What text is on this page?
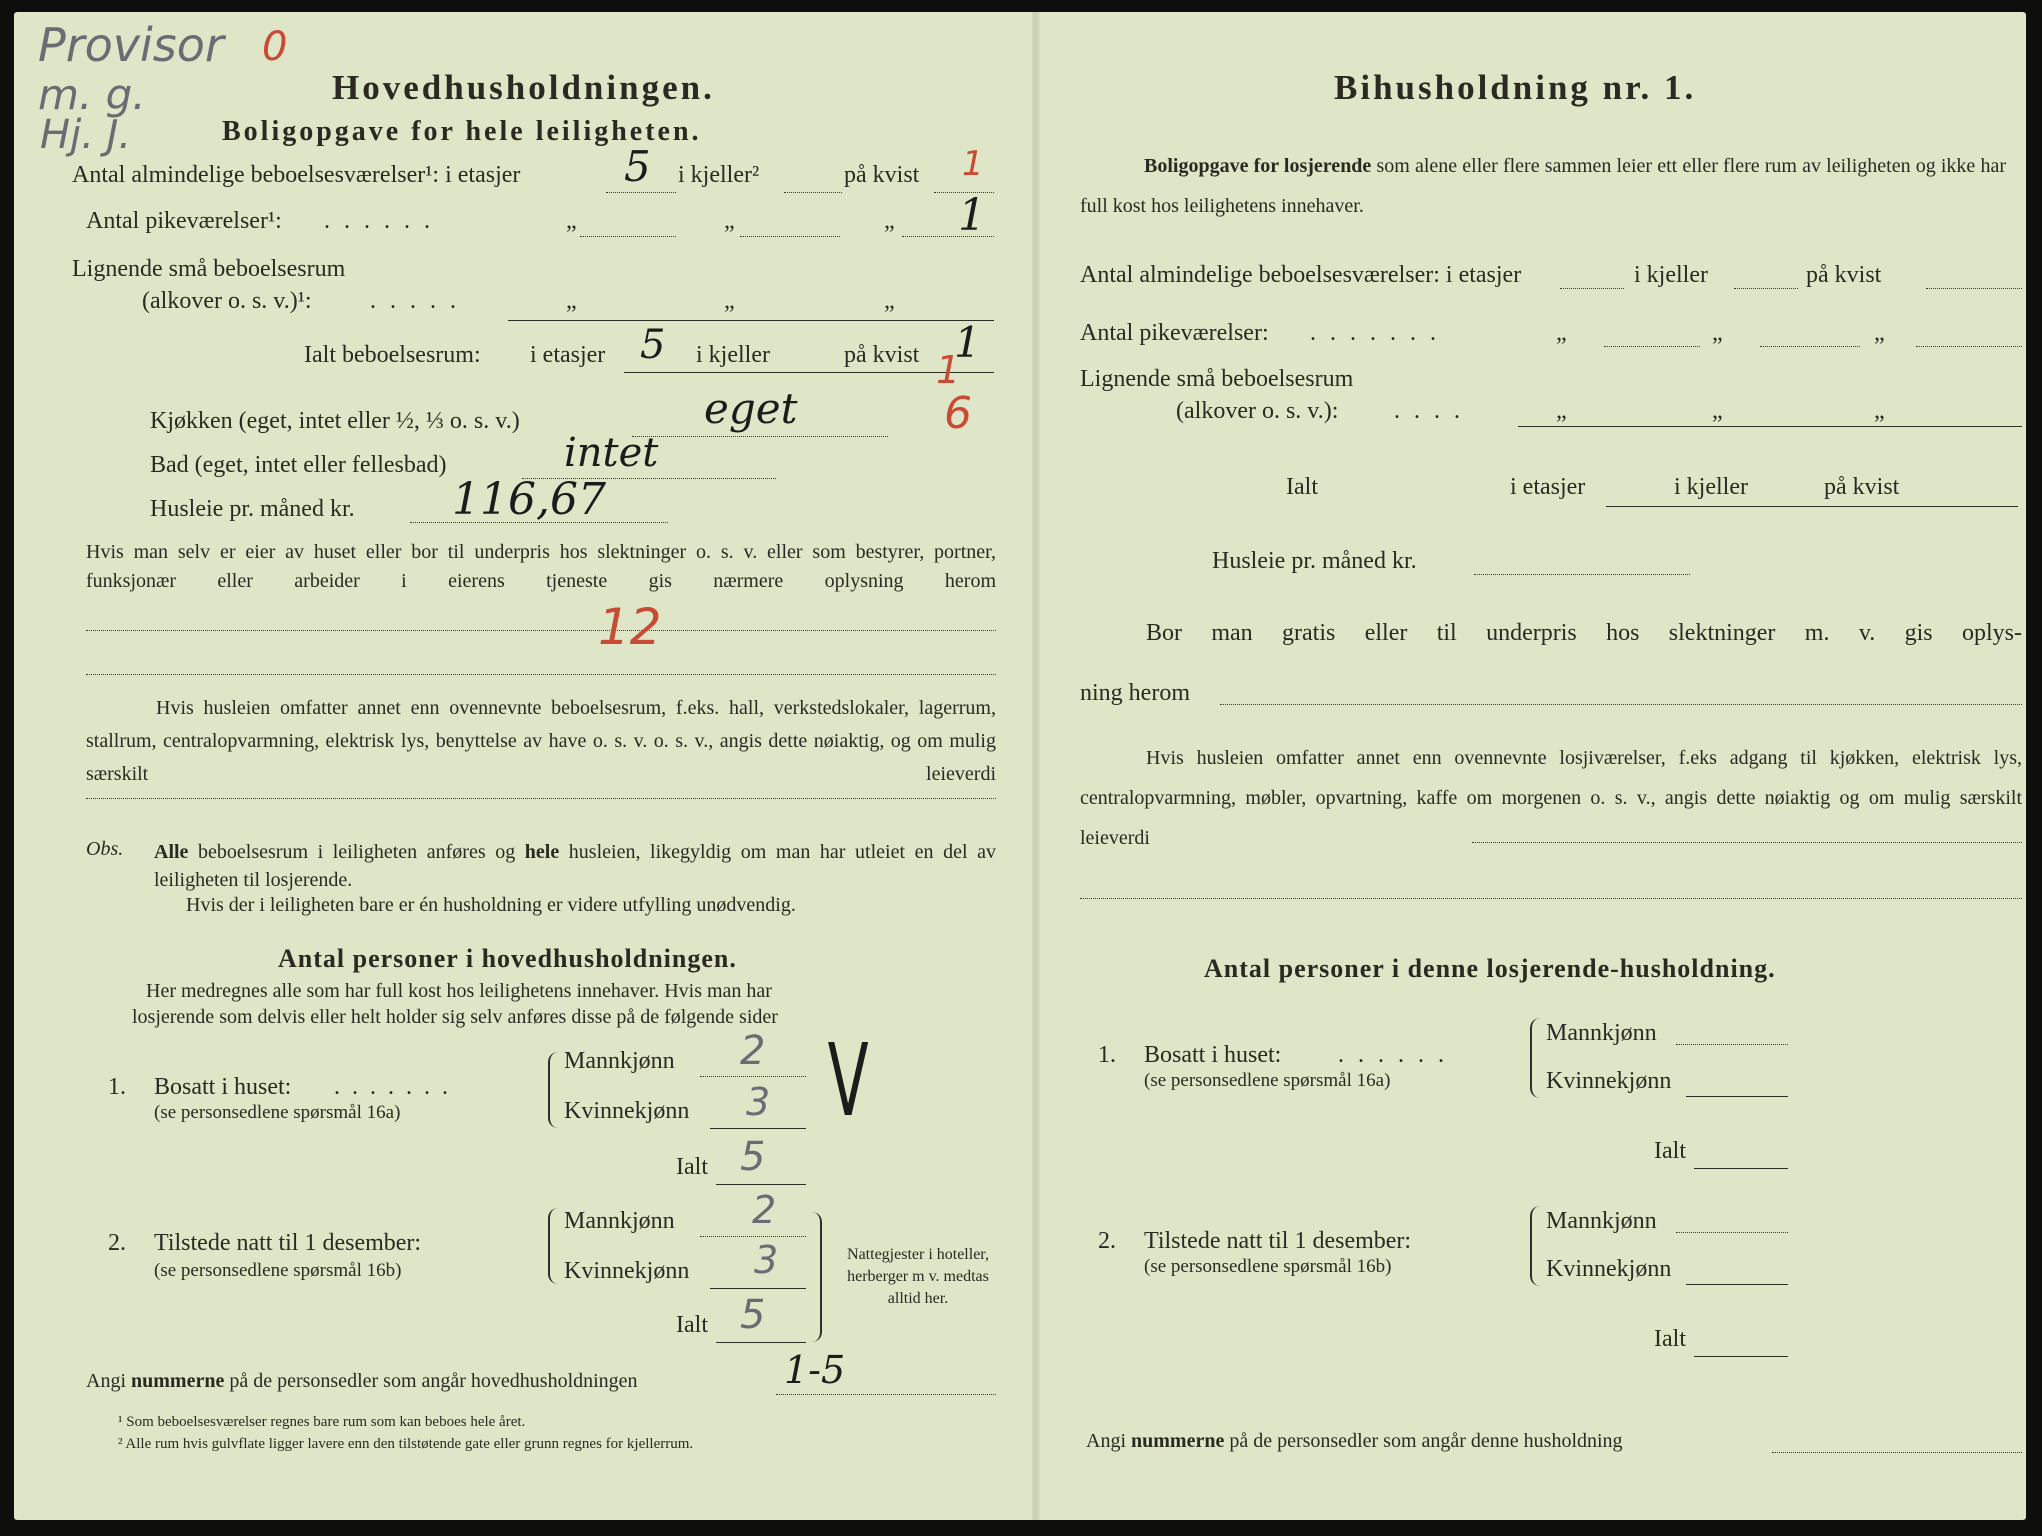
Provisor
m. g.
Hj. J.
0
Hovedhusholdningen.
Boligopgave for hele leiligheten.
Antal almindelige beboelsesværelser¹: i etasjer 5 i kjeller²	på kvist 1
Antal pikeværelser¹: ......	„	„	„ 1
Lignende små beboelsesrum
(alkover o. s. v.)¹: .....	„	„	„
Ialt beboelsesrum: i etasjer 5 i kjeller	på kvist 1
1
6
Kjøkken (eget, intet eller ½, ⅓ o. s. v.)	eget
Bad (eget, intet eller fellesbad)	intet
Husleie pr. måned kr. 116,67
Hvis man selv er eier av huset eller bor til underpris hos slektninger o. s. v. eller som bestyrer, portner, funksjonær eller arbeider i eierens tjeneste gis nærmere oplysning herom
12
Hvis husleien omfatter annet enn ovennevnte beboelsesrum, f.eks. hall, verkstedslokaler, lagerrum, stallrum, centralopvarmning, elektrisk lys, benyttelse av have o. s. v. o. s. v., angis dette nøiaktig, og om mulig særskilt leieverdi
Obs. Alle beboelsesrum i leiligheten anføres og hele husleien, likegyldig om man har utleiet en del av leiligheten til losjerende.
Hvis der i leiligheten bare er én husholdning er videre utfylling unødvendig.
Antal personer i hovedhusholdningen.
Her medregnes alle som har full kost hos leilighetens innehaver. Hvis man har
losjerende som delvis eller helt holder sig selv anføres disse på de følgende sider
1. Bosatt i huset: .......
(se personsedlene spørsmål 16a)
Mannkjønn 2
Kvinnekjønn 3 V
Ialt 5
2. Tilstede natt til 1 desember:
(se personsedlene spørsmål 16b)
Mannkjønn 2
Kvinnekjønn 3	Nattegjester i hoteller, herberger m v. medtas alltid her.
Ialt 5
Angi nummerne på de personsedler som angår hovedhusholdningen	1-5
¹ Som beboelsesværelser regnes bare rum som kan beboes hele året.
² Alle rum hvis gulvflate ligger lavere enn den tilstøtende gate eller grunn regnes for kjellerrum.
Bihusholdning nr. 1.
Boligopgave for losjerende som alene eller flere sammen leier ett eller flere rum av leiligheten og ikke har full kost hos leilighetens innehaver.
Antal almindelige beboelsesværelser: i etasjer	i kjeller	på kvist
Antal pikeværelser: .......	„	„	„
Lignende små beboelsesrum
(alkover o. s. v.): ....	„	„	„
Ialt	i etasjer	i kjeller	på kvist
Husleie pr. måned kr.
Bor man gratis eller til underpris hos slektninger m. v. gis oplys-
ning herom
Hvis husleien omfatter annet enn ovennevnte losjiværelser, f.eks adgang til kjøkken, elektrisk lys, centralopvarmning, møbler, opvartning, kaffe om morgenen o. s. v., angis dette nøiaktig og om mulig særskilt leieverdi
Antal personer i denne losjerende-husholdning.
1. Bosatt i huset: ......
(se personsedlene spørsmål 16a)
Mannkjønn
Kvinnekjønn
Ialt
2. Tilstede natt til 1 desember:
(se personsedlene spørsmål 16b)
Mannkjønn
Kvinnekjønn
Ialt
Angi nummerne på de personsedler som angår denne husholdning
